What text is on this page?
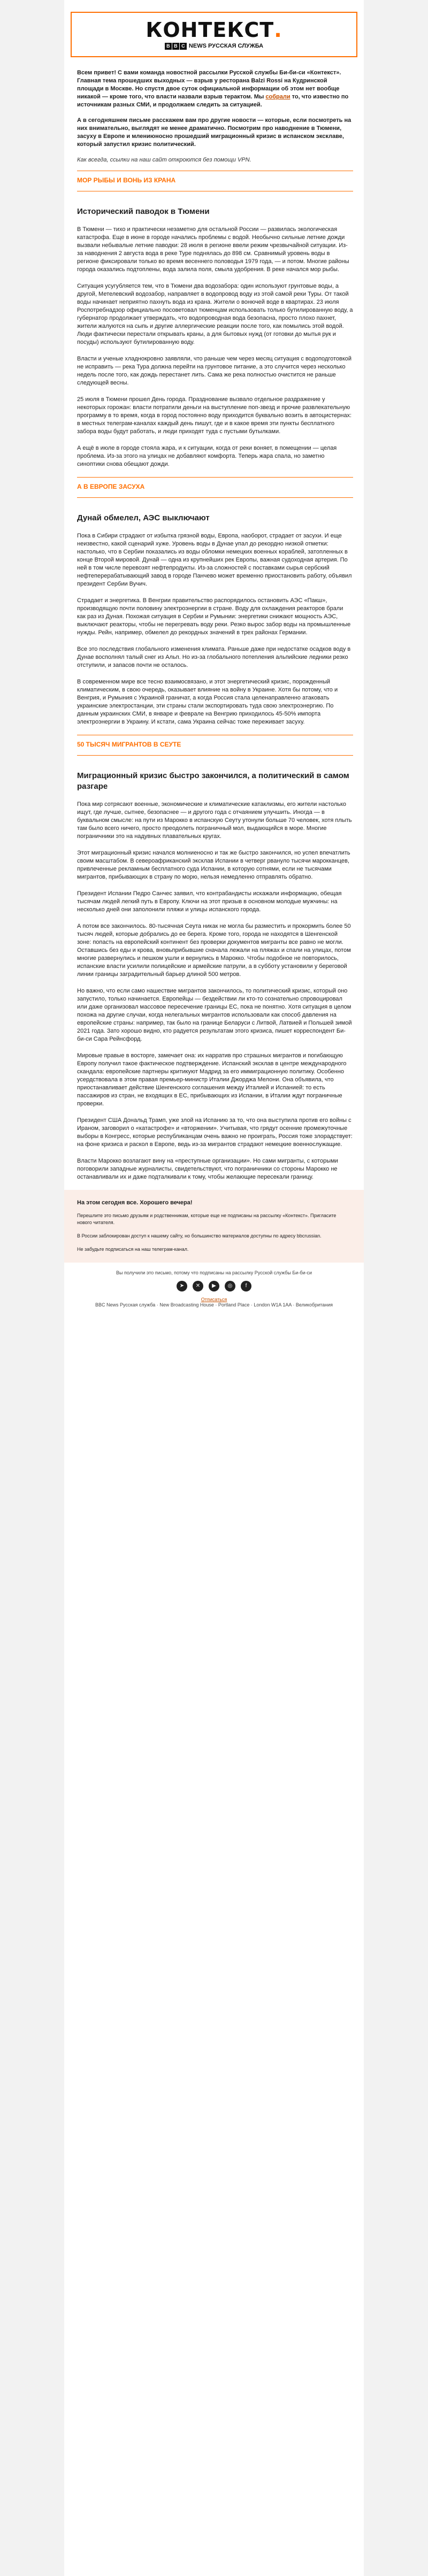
КОНТЕКСТ.
B B C NEWS РУССКАЯ СЛУЖБА
Всем привет! С вами команда новостной рассылки Русской службы Би-би-си «Контекст». Главная тема прошедших выходных — взрыв у ресторана Balzi Rossi на Кудринской площади в Москве. Но спустя двое суток официальной информации об этом нет вообще никакой — кроме того, что власти назвали взрыв терактом. Мы собрали то, что известно по источникам разных СМИ, и продолжаем следить за ситуацией.
А в сегодняшнем письме расскажем вам про другие новости — которые, если посмотреть на них внимательно, выглядят не менее драматично. Посмотрим про наводнение в Тюмени, засуху в Европе и млениюносно прошедший миграционный кризис в испанском эксклаве, который запустил кризис политический.
Как всегда, ссылки на наш сайт откроются без помощи VPN.
МОР РЫБЫ И ВОНЬ ИЗ КРАНА
Исторический паводок в Тюмени

В Тюмени — тихо и практически незаметно для остальной России — развилась экологическая катастрофа. Еще в июне в городе начались проблемы с водой. Необычно сильные летние дожди вызвали небывалые летние паводки: 28 июля в регионе ввели режим чрезвычайной ситуации. Из-за наводнения 2 августа вода в реке Туре поднялась до 898 см. Сравнимый уровень воды в регионе фиксировали только во время весеннего половодья 1979 года, — и потом. Многие районы города оказались подтоплены, вода залила поля, смыла удобрения. В реке начался мор рыбы.

Ситуация усугубляется тем, что в Тюмени два водозабора: один используют грунтовые воды, а другой, Метелевский водозабор, направляет в водопровод воду из этой самой реки Туры. От такой воды начинает неприятно пахнуть вода из крана. Жители о вонючей воде в квартирах. 23 июля Роспотребнадзор официально посоветовал тюменцам использовать только бутилированную воду, а губернатор продолжает утверждать, что водопроводная вода безопасна, просто плохо пахнет, жители жалуются на сыпь и другие аллергические реакции после того, как помылись этой водой. Люди фактически перестали открывать краны, а для бытовых нужд (от готовки до мытья рук и посуды) используют бутилированную воду.

Власти и ученые хладнокровно заявляли, что раньше чем через месяц ситуация с водоподготовкой не исправить — река Тура должна перейти на грунтовое питание, а это случится через несколько недель после того, как дождь перестанет лить. Сама же река полностью очистится не раньше следующей весны.

25 июля в Тюмени прошел День города. Празднование вызвало отдельное раздражение у некоторых горожан: власти потратили деньги на выступление поп-звезд и прочие развлекательную программу в то время, когда в город постоянно воду приходится буквально возить в автоцистернах: в местных телеграм-каналах каждый день пишут, где и в какое время эти пункты бесплатного забора воды будут работать, и люди приходят туда с пустыми бутылками.

А ещё в июле в городе стояла жара, и к ситуации, когда от реки воняет, в помещении — целая проблема. Из-за этого на улицах не добавляют комфорта. Теперь жара спала, но заметно синоптики снова обещают дожди.

А В ЕВРОПЕ ЗАСУХА
Дунай обмелел, АЭС выключают

Пока в Сибири страдают от избытка грязной воды, Европа, наоборот, страдает от засухи. И еще неизвестно, какой сценарий хуже. Уровень воды в Дунае упал до рекордно низкой отметки: настолько, что в Сербии показались из воды обломки немецких военных кораблей, затопленных в конце Второй мировой. Дунай — одна из крупнейших рек Европы, важная судоходная артерия. По ней в том числе перевозят нефтепродукты. Из-за сложностей с поставками сырья сербский нефтеперерабатывающий завод в городе Панчево может временно приостановить работу, объявил президент Сербии Вучич.

Страдает и энергетика. В Венгрии правительство распорядилось остановить АЭС «Пакш», производящую почти половину электроэнергии в стране. Воду для охлаждения реакторов брали как раз из Дуная. Похожая ситуация в Сербии и Румынии: энергетики снижают мощность АЭС, выключают реакторы, чтобы не перегревать воду реки. Резко вырос забор воды на промышленные нужды. Рейн, например, обмелел до рекордных значений в трех районах Германии.

Все это последствия глобального изменения климата. Раньше даже при недостатке осадков воду в Дунае восполнял талый снег из Альп. Но из-за глобального потепления альпийские ледники резко отступили, и запасов почти не осталось.

В современном мире все тесно взаимосвязано, и этот энергетический кризис, порожденный климатическим, в свою очередь, оказывает влияние на войну в Украине. Хотя бы потому, что и Венгрия, и Румыния с Украиной граничат, а когда Россия стала целенаправленно атаковать украинские электростанции, эти страны стали экспортировать туда свою электроэнергию. По данным украинских СМИ, в январе и феврале на Венгрию приходилось 45-50% импорта электроэнергии в Украину. И кстати, сама Украина сейчас тоже переживает засуху.

50 ТЫСЯЧ МИГРАНТОВ В СЕУТЕ
Миграционный кризис быстро закончился, а политический в самом разгаре

Пока мир сотрясают военные, экономические и климатические катаклизмы, его жители настолько ищут, где лучше, сытнее, безопаснее — и другого года с отчаянием улучшить. Иногда — в буквальном смысле: на пути из Марокко в испанскую Сеуту утонули больше 70 человек, хотя плыть там было всего ничего, просто преодолеть пограничный мол, выдающийся в море. Многие пограничники это на надувных плавательных кругах.

Этот миграционный кризис начался молниеносно и так же быстро закончился, но успел впечатлить своим масштабом. В североафриканский эксклав Испании в четверг рвануло тысячи марокканцев, привлеченные рекламным бесплатного суда Испании, в которую сотнями, если не тысячами мигрантов, прибывающих в страну по морю, нельзя немедленно отправлять обратно.

Президент Испании Педро Санчес заявил, что контрабандисты искажали информацию, обещая тысячам людей легкий путь в Европу. Ключи на этот призыв в основном молодые мужчины: на несколько дней они заполонили пляжи и улицы испанского города.

А потом все закончилось. 80-тысячная Сеута никак не могла бы разместить и прокормить более 50 тысяч людей, которые добрались до ее берега. Кроме того, города не находятся в Шенгенской зоне: попасть на европейский континент без проверки документов мигранты все равно не могли. Оставшись без еды и крова, вновьприбывшие сначала лежали на пляжах и спали на улицах, потом многие развернулись и пешком ушли и вернулись в Марокко. Чтобы подобное не повторилось, испанские власти усилили полицейские и армейские патрули, а в субботу установили у береговой линии границы заградительный барьер длиной 500 метров.

Но важно, что если само нашествие мигрантов закончилось, то политический кризис, который оно запустило, только начинается. Европейцы — бездействии ли кто-то сознательно спровоцировал или даже организовал массовое пересечение границы ЕС, пока не понятно. Хотя ситуация в целом похожа на другие случаи, когда нелегальных мигрантов использовали как способ давления на европейские страны: например, так было на границе Беларуси с Литвой, Латвией и Польшей зимой 2021 года. Зато хорошо видно, кто радуется результатам этого кризиса, пишет корреспондент Би-би-си Сара Рейнсфорд.

Мировые правые в восторге, замечает она: их нарратив про страшных мигрантов и погибающую Европу получил такое фактическое подтверждение. Испанский эксклав в центре международного скандала: европейские партнеры критикуют Мадрид за его иммиграционную политику. Особенно усердствовала в этом правая премьер-министр Италии Джорджа Мелони. Она объявила, что приостанавливает действие Шенгенского соглашения между Италией и Испанией: то есть пассажиров из стран, не входящих в ЕС, прибывающих из Испании, в Италии ждут пограничные проверки.

Президент США Дональд Трамп, уже злой на Испанию за то, что она выступила против его войны с Ираном, заговорил о «катастрофе» и «вторжении». Учитывая, что грядут осенние промежуточные выборы в Конгресс, которые республиканцам очень важно не проиграть, Россия тоже злорадствует: на фоне кризиса и раскол в Европе, ведь из-за мигрантов страдают немецкие военнослужащие.

Власти Марокко возлагают вину на «преступные организации». Но сами мигранты, с которыми поговорили западные журналисты, свидетельствуют, что пограничники со стороны Марокко не останавливали их и даже подталкивали к тому, чтобы желающие пересекали границу.

На этом сегодня все. Хорошего вечера!
Перешлите это письмо друзьям и родственникам, которые еще не подписаны на рассылку «Контекст». Пригласите нового читателя.
В России заблокирован доступ к нашему сайту, но большинство материалов доступны по адресу bbcrussian.
Не забудьте подписаться на наш телеграм-канал.
Вы получили это письмо, потому что подписаны на рассылку Русской службы Би-би-си
➤	✕	▶	◎	f
Отписаться
BBC News Русская служба · New Broadcasting House · Portland Place · London W1A 1AA · Великобритания
